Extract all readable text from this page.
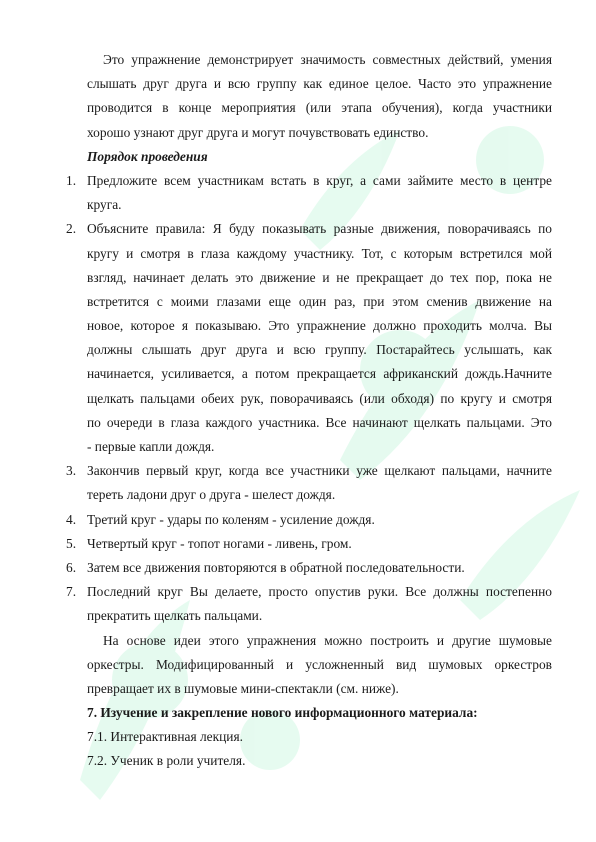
Это упражнение демонстрирует значимость совместных действий, умения
слышать друг друга и всю группу как единое целое. Часто это упражнение
проводится в конце мероприятия (или этапа обучения), когда участники
хорошо узнают друг друга и могут почувствовать единство.
Порядок проведения
1. Предложите всем участникам встать в круг, а сами займите место в центре
круга.
2. Объясните правила: Я буду показывать разные движения, поворачиваясь по
кругу и смотря в глаза каждому участнику. Тот, с которым встретился мой
взгляд, начинает делать это движение и не прекращает до тех пор, пока не
встретится с моими глазами еще один раз, при этом сменив движение на
новое, которое я показываю. Это упражнение должно проходить молча. Вы
должны слышать друг друга и всю группу. Постарайтесь услышать, как
начинается, усиливается, а потом прекращается африканский дождь.Начните
щелкать пальцами обеих рук, поворачиваясь (или обходя) по кругу и смотря
по очереди в глаза каждого участника. Все начинают щелкать пальцами. Это
- первые капли дождя.
3. Закончив первый круг, когда все участники уже щелкают пальцами, начните
тереть ладони друг о друга - шелест дождя.
4. Третий круг - удары по коленям - усиление дождя.
5. Четвертый круг - топот ногами - ливень, гром.
6. Затем все движения повторяются в обратной последовательности.
7. Последний круг Вы делаете, просто опустив руки. Все должны постепенно
прекратить щелкать пальцами.
На основе идеи этого упражнения можно построить и другие шумовые
оркестры. Модифицированный и усложненный вид шумовых оркестров
превращает их в шумовые мини-спектакли (см. ниже).
7. Изучение и закрепление нового информационного материала:
7.1. Интерактивная лекция.
7.2. Ученик в роли учителя.
